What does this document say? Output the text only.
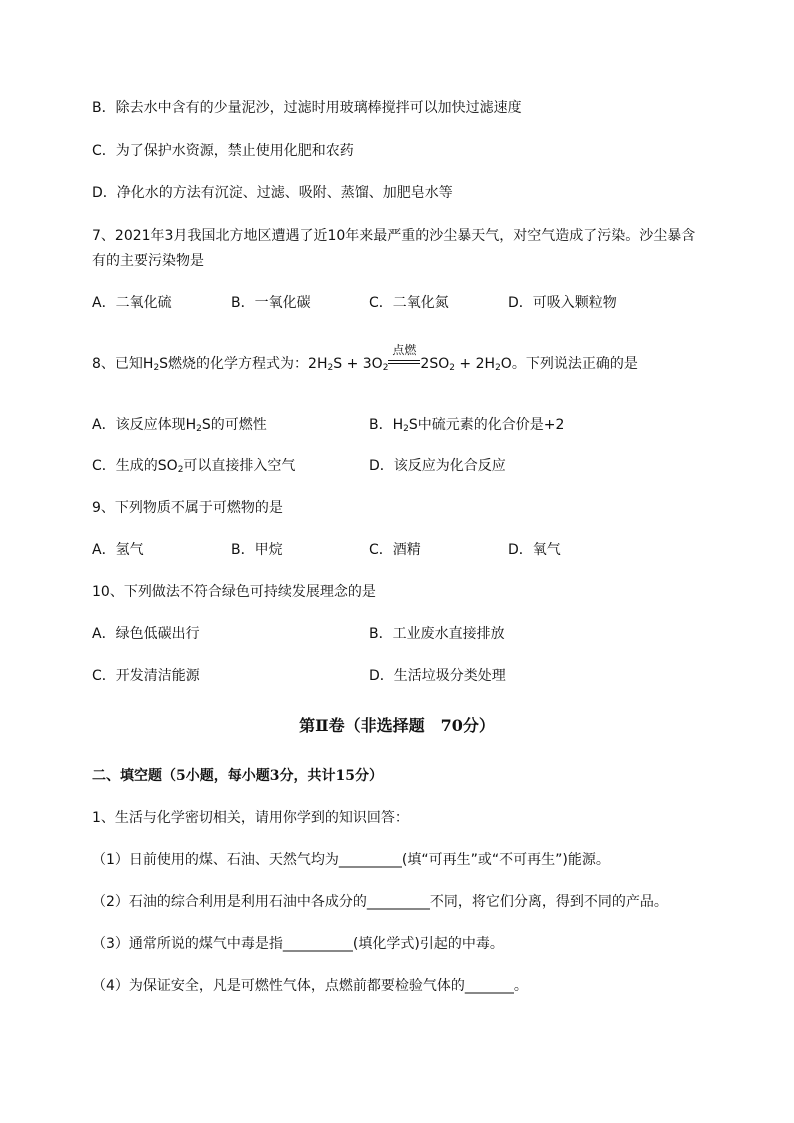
B．除去水中含有的少量泥沙，过滤时用玻璃棒搅拌可以加快过滤速度
C．为了保护水资源，禁止使用化肥和农药
D．净化水的方法有沉淀、过滤、吸附、蒸馏、加肥皂水等
7、2021年3月我国北方地区遭遇了近10年来最严重的沙尘暴天气，对空气造成了污染。沙尘暴含
有的主要污染物是
A．二氧化硫	B．一氧化碳	C．二氧化氮	D．可吸入颗粒物
8、已知$H_2S$燃烧的化学方程式为：$2H_2S + 3O_2$
点燃
$2SO_2 + 2H_2O$。下列说法正确的是
A．该反应体现$H_2S$的可燃性	B．$H_2S$中硫元素的化合价是+2
C．生成的$SO_2$可以直接排入空气	D．该反应为化合反应
9、下列物质不属于可燃物的是
A．氢气	B．甲烷	C．酒精	D．氧气
10、下列做法不符合绿色可持续发展理念的是
A．绿色低碳出行	B．工业废水直接排放
C．开发清洁能源	D．生活垃圾分类处理
第Ⅱ卷（非选择题　70分）
二、填空题（5小题，每小题3分，共计15分）
1、生活与化学密切相关，请用你学到的知识回答：
（1）日前使用的煤、石油、天然气均为_________(填“可再生”或“不可再生”)能源。
（2）石油的综合利用是利用石油中各成分的_________不同，将它们分离，得到不同的产品。
（3）通常所说的煤气中毒是指__________(填化学式)引起的中毒。
（4）为保证安全，凡是可燃性气体，点燃前都要检验气体的_______。
